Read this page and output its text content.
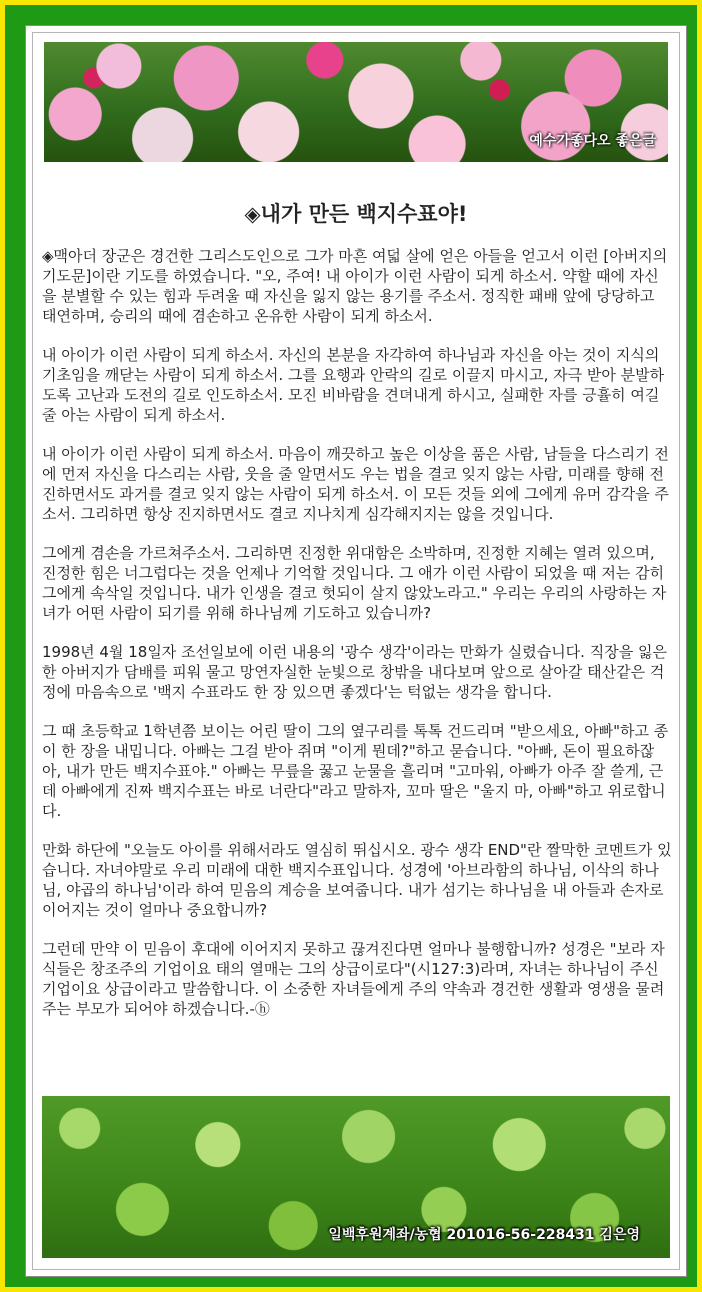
예수가좋다오 좋은글
◈내가 만든 백지수표야!

◈맥아더 장군은 경건한 그리스도인으로 그가 마흔 여덟 살에 얻은 아들을 얻고서 이런 [아버지의 기도문]이란 기도를 하였습니다. "오, 주여! 내 아이가 이런 사람이 되게 하소서. 약할 때에 자신을 분별할 수 있는 힘과 두려울 때 자신을 잃지 않는 용기를 주소서. 정직한 패배 앞에 당당하고 태연하며, 승리의 때에 겸손하고 온유한 사람이 되게 하소서.

내 아이가 이런 사람이 되게 하소서. 자신의 본분을 자각하여 하나님과 자신을 아는 것이 지식의 기초임을 깨닫는 사람이 되게 하소서. 그를 요행과 안락의 길로 이끌지 마시고, 자극 받아 분발하도록 고난과 도전의 길로 인도하소서. 모진 비바람을 견뎌내게 하시고, 실패한 자를 긍휼히 여길 줄 아는 사람이 되게 하소서.

내 아이가 이런 사람이 되게 하소서. 마음이 깨끗하고 높은 이상을 품은 사람, 남들을 다스리기 전에 먼저 자신을 다스리는 사람, 웃을 줄 알면서도 우는 법을 결코 잊지 않는 사람, 미래를 향해 전진하면서도 과거를 결코 잊지 않는 사람이 되게 하소서. 이 모든 것들 외에 그에게 유머 감각을 주소서. 그리하면 항상 진지하면서도 결코 지나치게 심각해지지는 않을 것입니다.

그에게 겸손을 가르쳐주소서. 그리하면 진정한 위대함은 소박하며, 진정한 지혜는 열려 있으며, 진정한 힘은 너그럽다는 것을 언제나 기억할 것입니다. 그 애가 이런 사람이 되었을 때 저는 감히 그에게 속삭일 것입니다. 내가 인생을 결코 헛되이 살지 않았노라고." 우리는 우리의 사랑하는 자녀가 어떤 사람이 되기를 위해 하나님께 기도하고 있습니까?

1998년 4월 18일자 조선일보에 이런 내용의 '광수 생각'이라는 만화가 실렸습니다. 직장을 잃은 한 아버지가 담배를 피워 물고 망연자실한 눈빛으로 창밖을 내다보며 앞으로 살아갈 태산같은 걱정에 마음속으로 '백지 수표라도 한 장 있으면 좋겠다'는 턱없는 생각을 합니다.

그 때 초등학교 1학년쯤 보이는 어린 딸이 그의 옆구리를 톡톡 건드리며 "받으세요, 아빠"하고 종이 한 장을 내밉니다. 아빠는 그걸 받아 쥐며 "이게 뭔데?"하고 묻습니다. "아빠, 돈이 필요하잖아, 내가 만든 백지수표야." 아빠는 무릎을 꿇고 눈물을 흘리며 "고마워, 아빠가 아주 잘 쓸게, 근데 아빠에게 진짜 백지수표는 바로 너란다"라고 말하자, 꼬마 딸은 "울지 마, 아빠"하고 위로합니다.

만화 하단에 "오늘도 아이를 위해서라도 열심히 뛰십시오. 광수 생각 END"란 짤막한 코멘트가 있습니다. 자녀야말로 우리 미래에 대한 백지수표입니다. 성경에 '아브라함의 하나님, 이삭의 하나님, 야곱의 하나님'이라 하여 믿음의 계승을 보여줍니다. 내가 섬기는 하나님을 내 아들과 손자로 이어지는 것이 얼마나 중요합니까?

그런데 만약 이 믿음이 후대에 이어지지 못하고 끊겨진다면 얼마나 불행합니까? 성경은 "보라 자식들은 창조주의 기업이요 태의 열매는 그의 상급이로다"(시127:3)라며, 자녀는 하나님이 주신 기업이요 상급이라고 말씀합니다. 이 소중한 자녀들에게 주의 약속과 경건한 생활과 영생을 물려주는 부모가 되어야 하겠습니다.-ⓗ

일백후원계좌/농협 201016-56-228431 김은영
